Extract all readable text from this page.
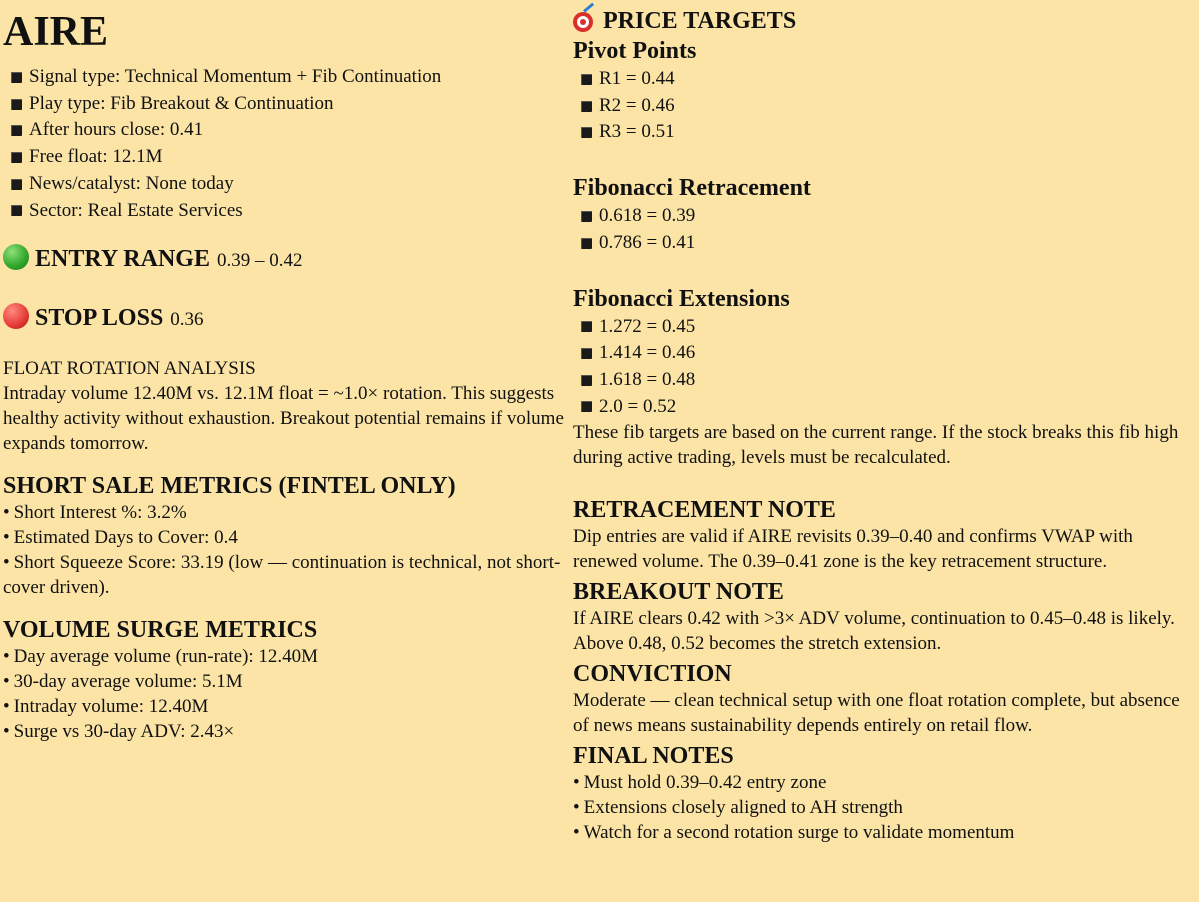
AIRE
Signal type: Technical Momentum + Fib Continuation
Play type: Fib Breakout & Continuation
After hours close: 0.41
Free float: 12.1M
News/catalyst: None today
Sector: Real Estate Services
ENTRY RANGE 0.39 – 0.42
STOP LOSS 0.36
FLOAT ROTATION ANALYSIS
Intraday volume 12.40M vs. 12.1M float = ~1.0× rotation. This suggests healthy activity without exhaustion. Breakout potential remains if volume expands tomorrow.
SHORT SALE METRICS (FINTEL ONLY)
• Short Interest %: 3.2%
• Estimated Days to Cover: 0.4
• Short Squeeze Score: 33.19 (low — continuation is technical, not short-cover driven).
VOLUME SURGE METRICS
• Day average volume (run-rate): 12.40M
• 30-day average volume: 5.1M
• Intraday volume: 12.40M
• Surge vs 30-day ADV: 2.43×
PRICE TARGETS
Pivot Points
R1 = 0.44
R2 = 0.46
R3 = 0.51
Fibonacci Retracement
0.618 = 0.39
0.786 = 0.41
Fibonacci Extensions
1.272 = 0.45
1.414 = 0.46
1.618 = 0.48
2.0 = 0.52
These fib targets are based on the current range. If the stock breaks this fib high during active trading, levels must be recalculated.
RETRACEMENT NOTE
Dip entries are valid if AIRE revisits 0.39–0.40 and confirms VWAP with renewed volume. The 0.39–0.41 zone is the key retracement structure.
BREAKOUT NOTE
If AIRE clears 0.42 with >3× ADV volume, continuation to 0.45–0.48 is likely. Above 0.48, 0.52 becomes the stretch extension.
CONVICTION
Moderate — clean technical setup with one float rotation complete, but absence of news means sustainability depends entirely on retail flow.
FINAL NOTES
• Must hold 0.39–0.42 entry zone
• Extensions closely aligned to AH strength
• Watch for a second rotation surge to validate momentum
